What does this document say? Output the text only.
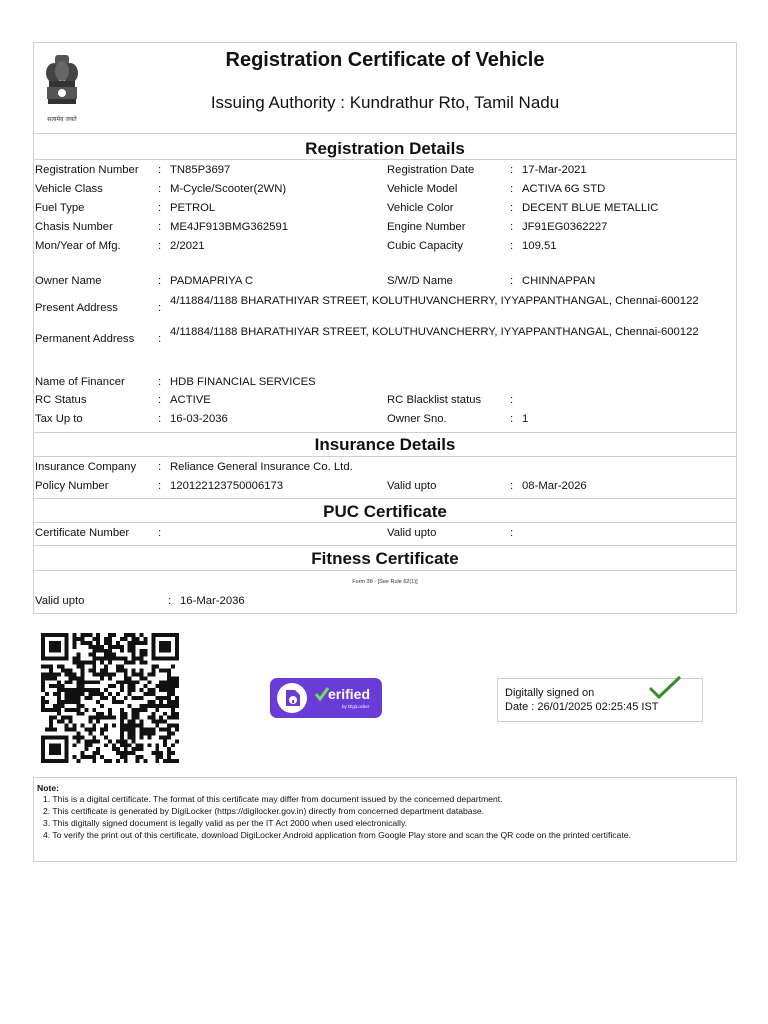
सत्यमेव जयते
Registration Certificate of Vehicle
Issuing Authority : Kundrathur Rto, Tamil Nadu
Registration Details
Registration Number : TN85P3697	Registration Date	: 17-Mar-2021
Vehicle Class	: M-Cycle/Scooter(2WN)	Vehicle Model	: ACTIVA 6G STD
Fuel Type	: PETROL	Vehicle Color	: DECENT BLUE METALLIC
Chasis Number	: ME4JF913BMG362591	Engine Number	: JF91EG0362227
Mon/Year of Mfg.	: 2/2021	Cubic Capacity	: 109.51
Owner Name	: PADMAPRIYA C	S/W/D Name	: CHINNAPPAN
Present Address	:
4/11884/1188 BHARATHIYAR STREET, KOLUTHUVANCHERRY, IYYAPPANTHANGAL, Chennai-600122
Permanent Address :
4/11884/1188 BHARATHIYAR STREET, KOLUTHUVANCHERRY, IYYAPPANTHANGAL, Chennai-600122
Name of Financer	: HDB FINANCIAL SERVICES
RC Status	: ACTIVE	RC Blacklist status	:
Tax Up to	: 16-03-2036	Owner Sno.	: 1
Insurance Details
Insurance Company : Reliance General Insurance Co. Ltd.
Policy Number	: 120122123750006173	Valid upto	: 08-Mar-2026
PUC Certificate
Certificate Number	:	Valid upto	:
Fitness Certificate
Form 38 - [See Rule 62(1)]
Valid upto	: 16-Mar-2036
erified
by DigiLocker
Digitally signed on
Date : 26/01/2025 02:25:45 IST
Note:
1. This is a digital certificate. The format of this certificate may differ from document issued by the concerned department.
2. This certificate is generated by DigiLocker (https://digilocker.gov.in) directly from concerned department database.
3. This digitally signed document is legally valid as per the IT Act 2000 when used electronically.
4. To verify the print out of this certificate, download DigiLocker Android application from Google Play store and scan the QR code on the printed certificate.
